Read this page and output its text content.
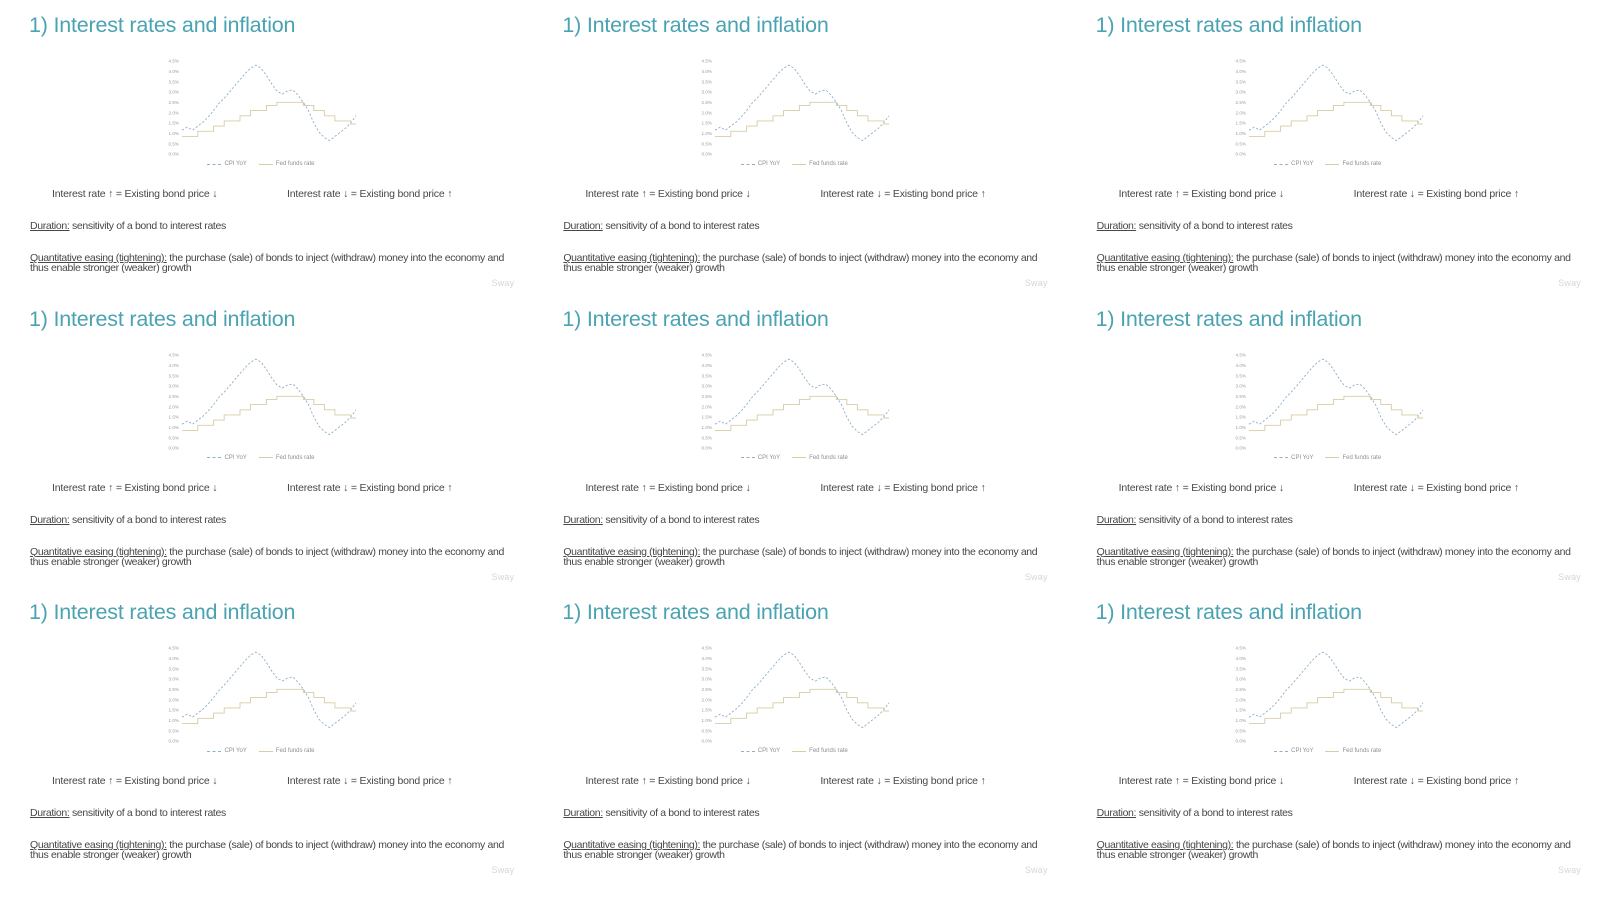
1) Interest rates and inflation
4.5%
4.0%
3.5%
3.0%
2.5%
2.0%
1.5%
1.0%
0.5%
0.0%
CPI YoY	Fed funds rate

Interest rate ↑ = Existing bond price ↓	Interest rate ↓ = Existing bond price ↑

Duration: sensitivity of a bond to interest rates

Quantitative easing (tightening): the purchase (sale) of bonds to inject (withdraw) money into the economy and thus enable stronger (weaker) growth

Sway
1) Interest rates and inflation
4.5%
4.0%
3.5%
3.0%
2.5%
2.0%
1.5%
1.0%
0.5%
0.0%
CPI YoY	Fed funds rate

Interest rate ↑ = Existing bond price ↓	Interest rate ↓ = Existing bond price ↑

Duration: sensitivity of a bond to interest rates

Quantitative easing (tightening): the purchase (sale) of bonds to inject (withdraw) money into the economy and thus enable stronger (weaker) growth

Sway
1) Interest rates and inflation
4.5%
4.0%
3.5%
3.0%
2.5%
2.0%
1.5%
1.0%
0.5%
0.0%
CPI YoY	Fed funds rate

Interest rate ↑ = Existing bond price ↓	Interest rate ↓ = Existing bond price ↑

Duration: sensitivity of a bond to interest rates

Quantitative easing (tightening): the purchase (sale) of bonds to inject (withdraw) money into the economy and thus enable stronger (weaker) growth

Sway
1) Interest rates and inflation
4.5%
4.0%
3.5%
3.0%
2.5%
2.0%
1.5%
1.0%
0.5%
0.0%
CPI YoY	Fed funds rate

Interest rate ↑ = Existing bond price ↓	Interest rate ↓ = Existing bond price ↑

Duration: sensitivity of a bond to interest rates

Quantitative easing (tightening): the purchase (sale) of bonds to inject (withdraw) money into the economy and thus enable stronger (weaker) growth

Sway
1) Interest rates and inflation
4.5%
4.0%
3.5%
3.0%
2.5%
2.0%
1.5%
1.0%
0.5%
0.0%
CPI YoY	Fed funds rate

Interest rate ↑ = Existing bond price ↓	Interest rate ↓ = Existing bond price ↑

Duration: sensitivity of a bond to interest rates

Quantitative easing (tightening): the purchase (sale) of bonds to inject (withdraw) money into the economy and thus enable stronger (weaker) growth

Sway
1) Interest rates and inflation
4.5%
4.0%
3.5%
3.0%
2.5%
2.0%
1.5%
1.0%
0.5%
0.0%
CPI YoY	Fed funds rate

Interest rate ↑ = Existing bond price ↓	Interest rate ↓ = Existing bond price ↑

Duration: sensitivity of a bond to interest rates

Quantitative easing (tightening): the purchase (sale) of bonds to inject (withdraw) money into the economy and thus enable stronger (weaker) growth

Sway
1) Interest rates and inflation
4.5%
4.0%
3.5%
3.0%
2.5%
2.0%
1.5%
1.0%
0.5%
0.0%
CPI YoY	Fed funds rate

Interest rate ↑ = Existing bond price ↓	Interest rate ↓ = Existing bond price ↑

Duration: sensitivity of a bond to interest rates

Quantitative easing (tightening): the purchase (sale) of bonds to inject (withdraw) money into the economy and thus enable stronger (weaker) growth

Sway
1) Interest rates and inflation
4.5%
4.0%
3.5%
3.0%
2.5%
2.0%
1.5%
1.0%
0.5%
0.0%
CPI YoY	Fed funds rate

Interest rate ↑ = Existing bond price ↓	Interest rate ↓ = Existing bond price ↑

Duration: sensitivity of a bond to interest rates

Quantitative easing (tightening): the purchase (sale) of bonds to inject (withdraw) money into the economy and thus enable stronger (weaker) growth

Sway
1) Interest rates and inflation
4.5%
4.0%
3.5%
3.0%
2.5%
2.0%
1.5%
1.0%
0.5%
0.0%
CPI YoY	Fed funds rate

Interest rate ↑ = Existing bond price ↓	Interest rate ↓ = Existing bond price ↑

Duration: sensitivity of a bond to interest rates

Quantitative easing (tightening): the purchase (sale) of bonds to inject (withdraw) money into the economy and thus enable stronger (weaker) growth

Sway
